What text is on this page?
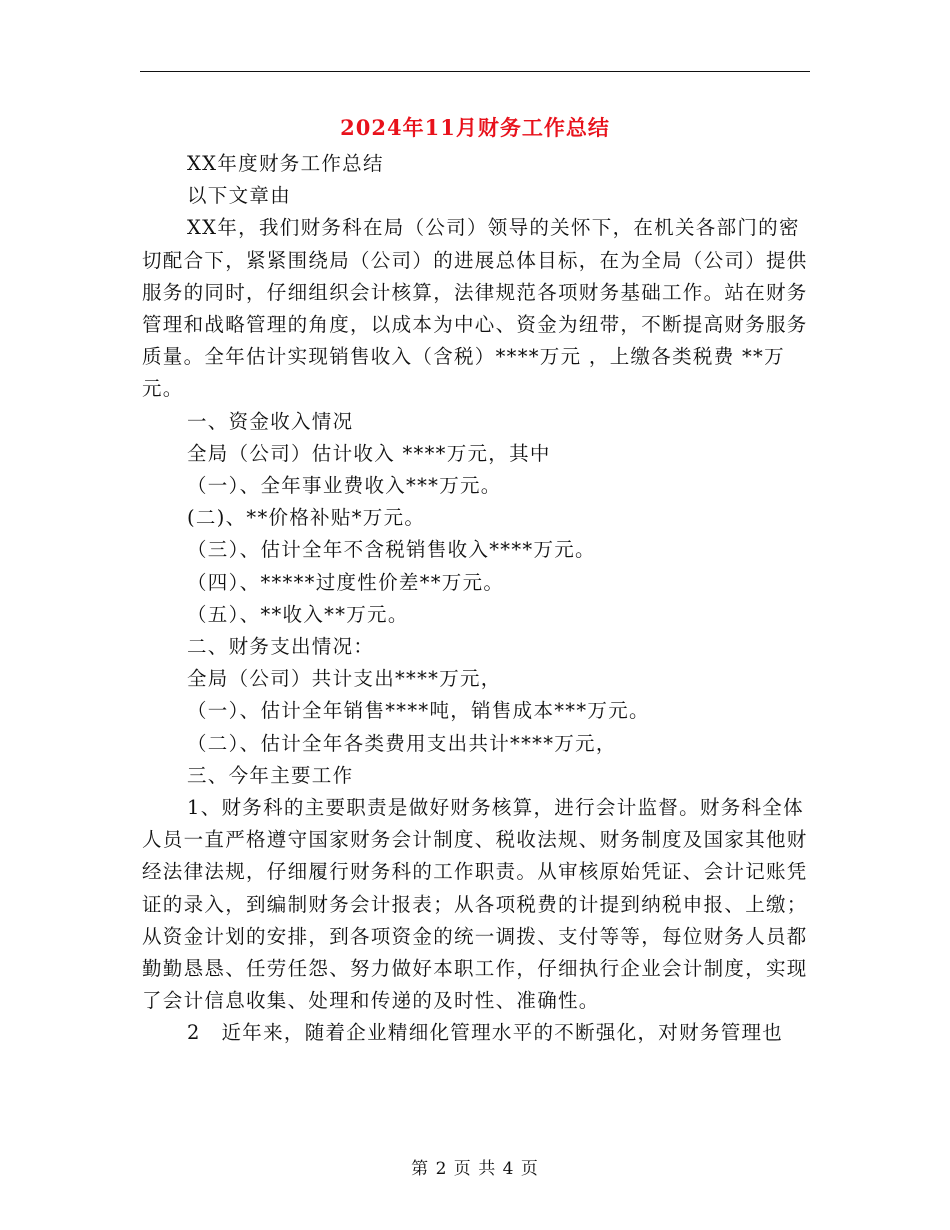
2024年11月财务工作总结

XX年度财务工作总结

以下文章由

XX年，我们财务科在局（公司）领导的关怀下，在机关各部门的密切配合下，紧紧围绕局（公司）的进展总体目标，在为全局（公司）提供服务的同时，仔细组织会计核算，法律规范各项财务基础工作。站在财务管理和战略管理的角度，以成本为中心、资金为纽带，不断提高财务服务质量。全年估计实现销售收入（含税）****万元 ，上缴各类税费 **万元。

一、资金收入情况

全局（公司）估计收入 ****万元，其中

（一）、全年事业费收入***万元。

(二)、**价格补贴*万元。

（三）、估计全年不含税销售收入****万元。

（四）、*****过度性价差**万元。

（五）、**收入**万元。

二、财务支出情况：

全局（公司）共计支出****万元，

（一）、估计全年销售****吨，销售成本***万元。

（二）、估计全年各类费用支出共计****万元，

三、今年主要工作

1、财务科的主要职责是做好财务核算，进行会计监督。财务科全体人员一直严格遵守国家财务会计制度、税收法规、财务制度及国家其他财经法律法规，仔细履行财务科的工作职责。从审核原始凭证、会计记账凭证的录入，到编制财务会计报表；从各项税费的计提到纳税申报、上缴；从资金计划的安排，到各项资金的统一调拨、支付等等，每位财务人员都勤勤恳恳、任劳任怨、努力做好本职工作，仔细执行企业会计制度，实现了会计信息收集、处理和传递的及时性、准确性。

2　近年来，随着企业精细化管理水平的不断强化，对财务管理也

第 2 页 共 4 页
